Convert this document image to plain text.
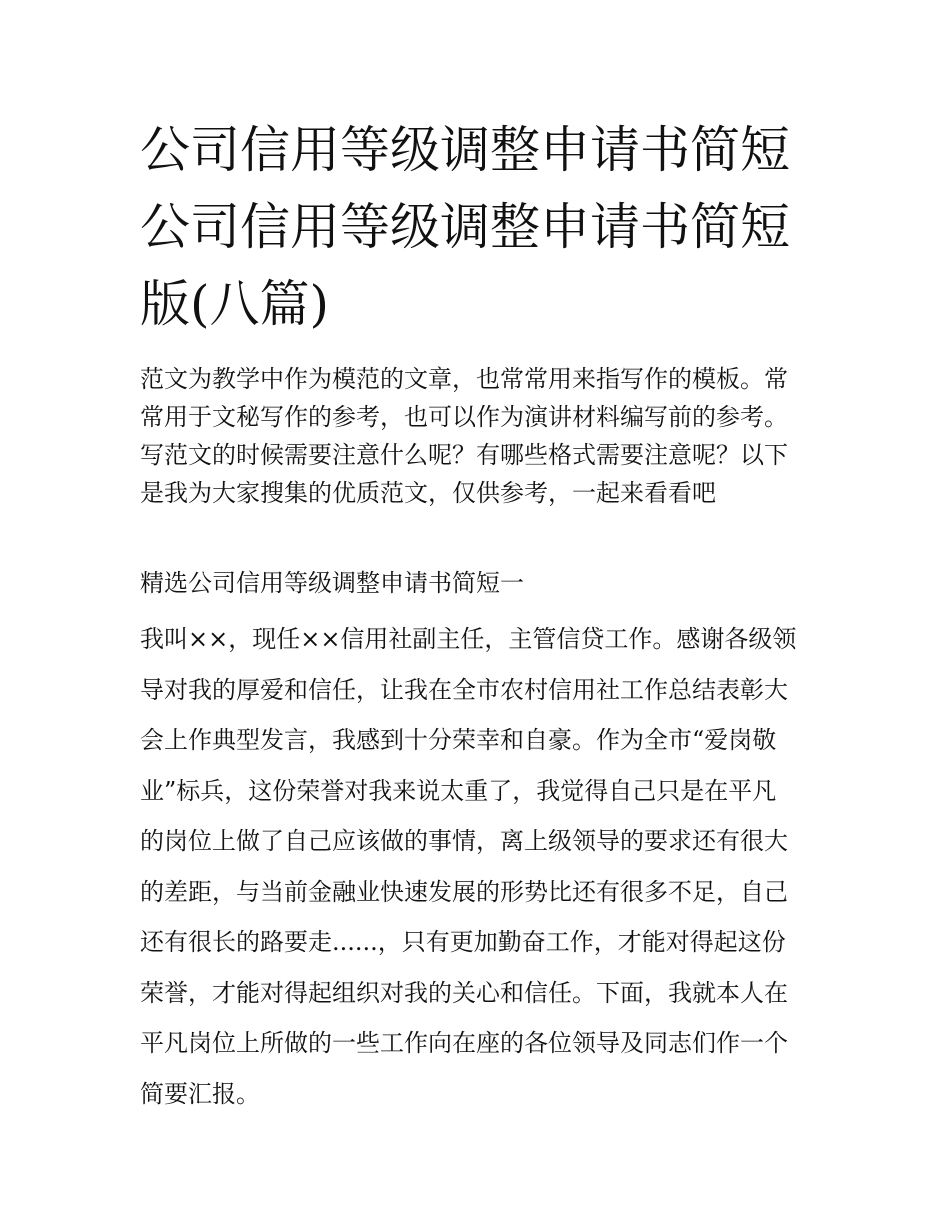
公司信用等级调整申请书简短
公司信用等级调整申请书简短
版(八篇)
范文为教学中作为模范的文章，也常常用来指写作的模板。常
常用于文秘写作的参考，也可以作为演讲材料编写前的参考。
写范文的时候需要注意什么呢？有哪些格式需要注意呢？以下
是我为大家搜集的优质范文，仅供参考，一起来看看吧
精选公司信用等级调整申请书简短一
我叫××，现任××信用社副主任，主管信贷工作。感谢各级领
导对我的厚爱和信任，让我在全市农村信用社工作总结表彰大
会上作典型发言，我感到十分荣幸和自豪。作为全市“爱岗敬
业”标兵，这份荣誉对我来说太重了，我觉得自己只是在平凡
的岗位上做了自己应该做的事情，离上级领导的要求还有很大
的差距，与当前金融业快速发展的形势比还有很多不足，自己
还有很长的路要走......，只有更加勤奋工作，才能对得起这份
荣誉，才能对得起组织对我的关心和信任。下面，我就本人在
平凡岗位上所做的一些工作向在座的各位领导及同志们作一个
简要汇报。
